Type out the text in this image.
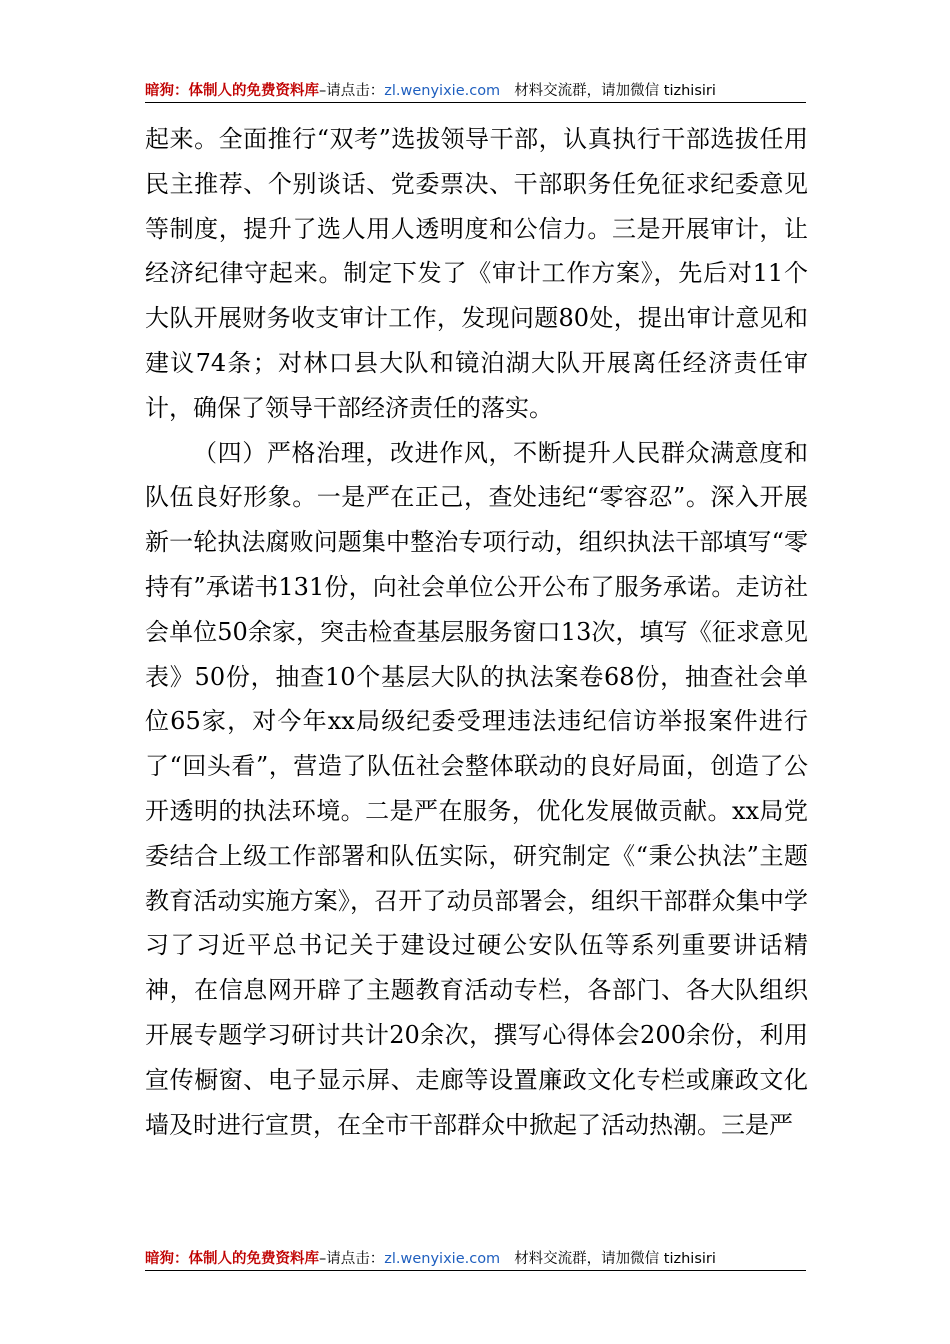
暗狗：体制人的免费资料库 –请点击： zl.wenyixie.com 材料交流群，请加微信 tizhisiri

起来。全面推行“双考”选拔领导干部，认真执行干部选拔任用民主推荐、个别谈话、党委票决、干部职务任免征求纪委意见等制度，提升了选人用人透明度和公信力。三是开展审计，让经济纪律守起来。制定下发了《审计工作方案》，先后对11个大队开展财务收支审计工作，发现问题80处，提出审计意见和建议74条；对林口县大队和镜泊湖大队开展离任经济责任审计，确保了领导干部经济责任的落实。

（四）严格治理，改进作风，不断提升人民群众满意度和队伍良好形象。一是严在正己，查处违纪“零容忍”。深入开展新一轮执法腐败问题集中整治专项行动，组织执法干部填写“零持有”承诺书131份，向社会单位公开公布了服务承诺。走访社会单位50余家，突击检查基层服务窗口13次，填写《征求意见表》50份，抽查10个基层大队的执法案卷68份，抽查社会单位65家，对今年xx局级纪委受理违法违纪信访举报案件进行了“回头看”，营造了队伍社会整体联动的良好局面，创造了公开透明的执法环境。二是严在服务，优化发展做贡献。xx局党委结合上级工作部署和队伍实际，研究制定《“秉公执法”主题教育活动实施方案》，召开了动员部署会，组织干部群众集中学习了习近平总书记关于建设过硬公安队伍等系列重要讲话精神，在信息网开辟了主题教育活动专栏，各部门、各大队组织开展专题学习研讨共计20余次，撰写心得体会200余份，利用宣传橱窗、电子显示屏、走廊等设置廉政文化专栏或廉政文化墙及时进行宣贯，在全市干部群众中掀起了活动热潮。三是严

暗狗：体制人的免费资料库 –请点击： zl.wenyixie.com 材料交流群，请加微信 tizhisiri
